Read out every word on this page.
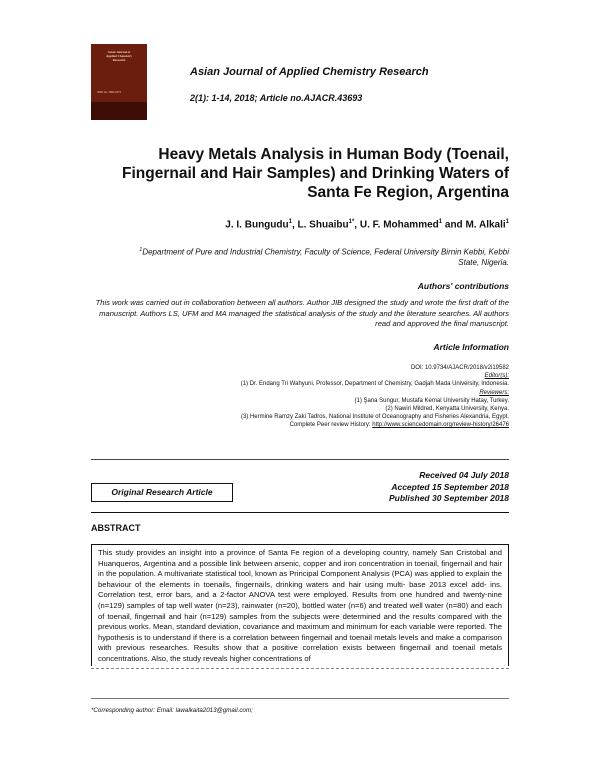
Asian Journal of
Applied Chemistry
Research
ISSN No. 2582-0273
Asian Journal of Applied Chemistry Research
2(1): 1-14, 2018; Article no.AJACR.43693
Heavy Metals Analysis in Human Body (Toenail, Fingernail and Hair Samples) and Drinking Waters of Santa Fe Region, Argentina
J. I. Bungudu$^1$, L. Shuaibu$^{1*}$, U. F. Mohammed$^1$ and M. Alkali$^1$
$^1$Department of Pure and Industrial Chemistry, Faculty of Science, Federal University Birnin Kebbi, Kebbi State, Nigeria.
Authors' contributions
This work was carried out in collaboration between all authors. Author JIB designed the study and wrote the first draft of the manuscript. Authors LS, UFM and MA managed the statistical analysis of the study and the literature searches. All authors read and approved the final manuscript.
Article Information
DOI: 10.9734/AJACR/2018/v2i19582
Editor(s):
(1) Dr. Endang Tri Wahyuni, Professor, Department of Chemistry, Gadjah Mada University, Indonesia.
Reviewers:
(1) Şana Sungur, Mustafa Kemal University Hatay, Turkey.
(2) Nawiri Mildred, Kenyatta University, Kenya.
(3) Hermine Ramzy Zaki Tadros, National Institute of Oceanography and Fisheries Alexandria, Egypt.
Complete Peer review History: http://www.sciencedomain.org/review-history/26476
Received 04 July 2018
Accepted 15 September 2018
Published 30 September 2018
Original Research Article
ABSTRACT

This study provides an insight into a province of Santa Fe region of a developing country, namely San Cristobal and Huanqueros, Argentina and a possible link between arsenic, copper and iron concentration in toenail, fingernail and hair in the population. A multivariate statistical tool, known as Principal Component Analysis (PCA) was applied to explain the behaviour of the elements in toenails, fingernails, drinking waters and hair using multi- base 2013 excel add- ins. Correlation test, error bars, and a 2-factor ANOVA test were employed. Results from one hundred and twenty-nine (n=129) samples of tap well water (n=23), rainwater (n=20), bottled water (n=6) and treated well water (n=80) and each of toenail, fingernail and hair (n=129) samples from the subjects were determined and the results compared with the previous works. Mean, standard deviation, covariance and maximum and minimum for each variable were reported. The hypothesis is to understand if there is a correlation between fingernail and toenail metals levels and make a comparison with previous researches. Results show that a positive correlation exists between fingernail and toenail metals concentrations. Also, the study reveals higher concentrations of

*Corresponding author: Email: lawalkaita2013@gmail.com;
